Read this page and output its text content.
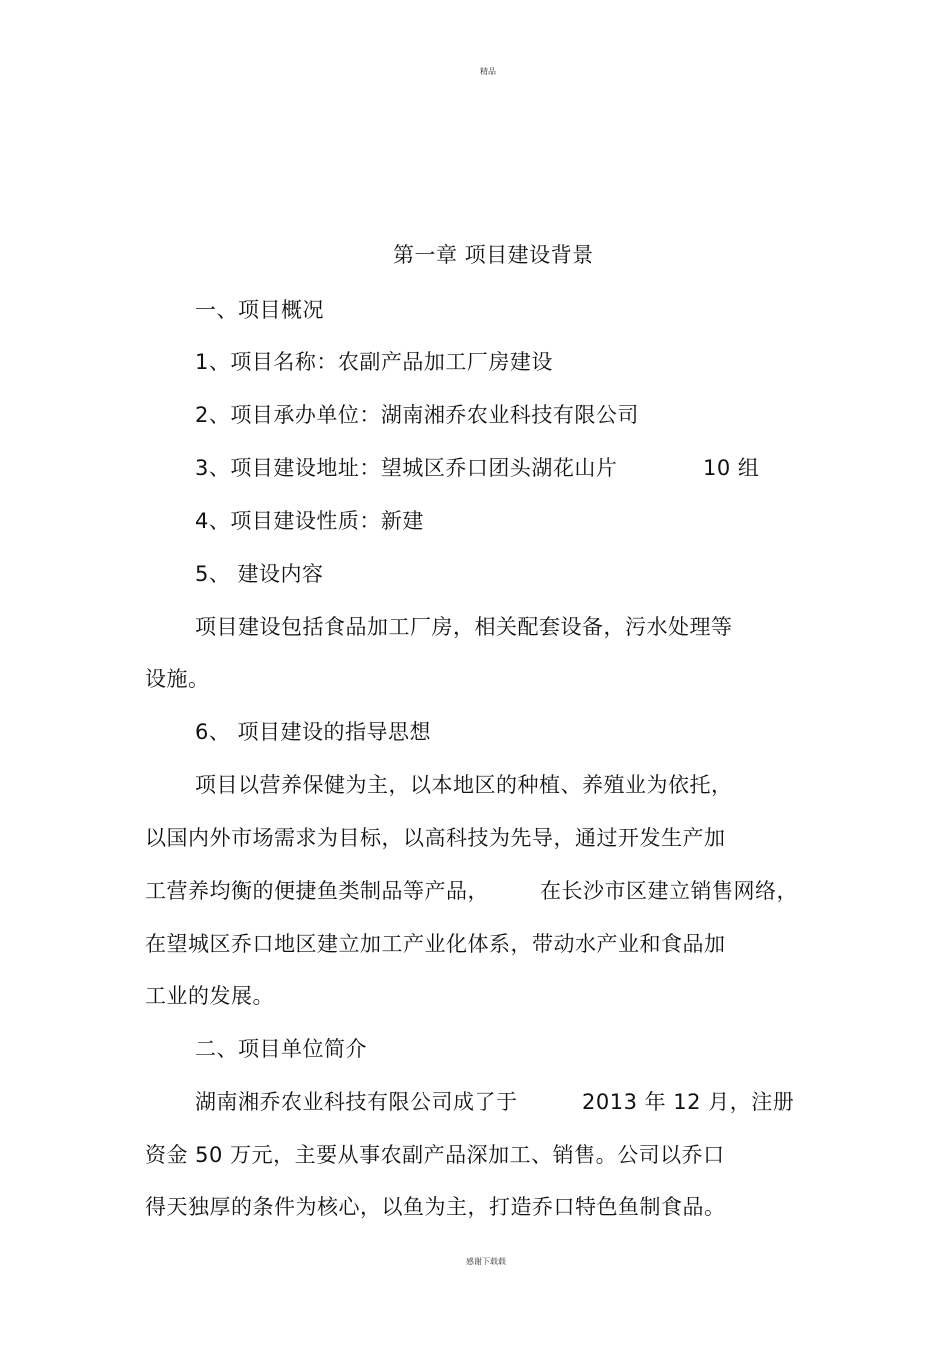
精品
第一章 项目建设背景
一、项目概况
1、项目名称：农副产品加工厂房建设
2、项目承办单位：湖南湘乔农业科技有限公司
3、项目建设地址：望城区乔口团头湖花山片	10 组
4、项目建设性质：新建
5、 建设内容
项目建设包括食品加工厂房，相关配套设备，污水处理等
设施。
6、 项目建设的指导思想
项目以营养保健为主，以本地区的种植、养殖业为依托，
以国内外市场需求为目标，以高科技为先导，通过开发生产加
工营养均衡的便捷鱼类制品等产品， 在长沙市区建立销售网络，
在望城区乔口地区建立加工产业化体系，带动水产业和食品加
工业的发展。
二、项目单位简介
湖南湘乔农业科技有限公司成了于	2013 年 12 月，注册
资金 50 万元，主要从事农副产品深加工、销售。公司以乔口
得天独厚的条件为核心，以鱼为主，打造乔口特色鱼制食品。
感谢下载载
